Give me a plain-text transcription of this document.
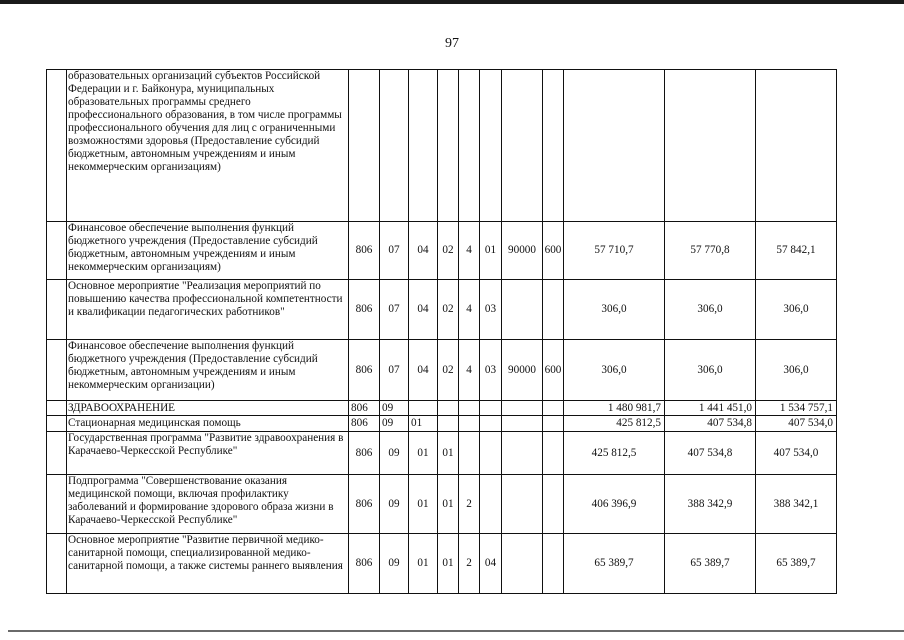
97
	образовательных организаций субъектов Российской Федерации и г. Байконура, муниципальных образовательных программы среднего профессионального образования, в том числе программы профессионального обучения для лиц с ограниченными возможностями здоровья (Предоставление субсидий бюджетным, автономным учреждениям и иным некоммерческим организациям)											
	Финансовое обеспечение выполнения функций бюджетного учреждения (Предоставление субсидий бюджетным, автономным учреждениям и иным некоммерческим организациям)	806	07	04	02	4	01	90000	600	57 710,7	57 770,8	57 842,1
	Основное мероприятие "Реализация мероприятий по повышению качества профессиональной компетентности и квалификации педагогических работников"	806	07	04	02	4	03			306,0	306,0	306,0
	Финансовое обеспечение выполнения функций бюджетного учреждения (Предоставление субсидий бюджетным, автономным учреждениям и иным некоммерческим организации)	806	07	04	02	4	03	90000	600	306,0	306,0	306,0
	ЗДРАВООХРАНЕНИЕ	806	09							1 480 981,7	1 441 451,0	1 534 757,1
	Стационарная медицинская помощь	806	09	01						425 812,5	407 534,8	407 534,0
	Государственная программа "Развитие здравоохранения в Карачаево-Черкесской Республике"	806	09	01	01					425 812,5	407 534,8	407 534,0
	Подпрограмма "Совершенствование оказания медицинской помощи, включая профилактику заболеваний и формирование здорового образа жизни в Карачаево-Черкесской Республике"	806	09	01	01	2				406 396,9	388 342,9	388 342,1
	Основное мероприятие "Развитие первичной медико-санитарной помощи, специализированной медико-санитарной помощи, а также системы раннего выявления	806	09	01	01	2	04			65 389,7	65 389,7	65 389,7
